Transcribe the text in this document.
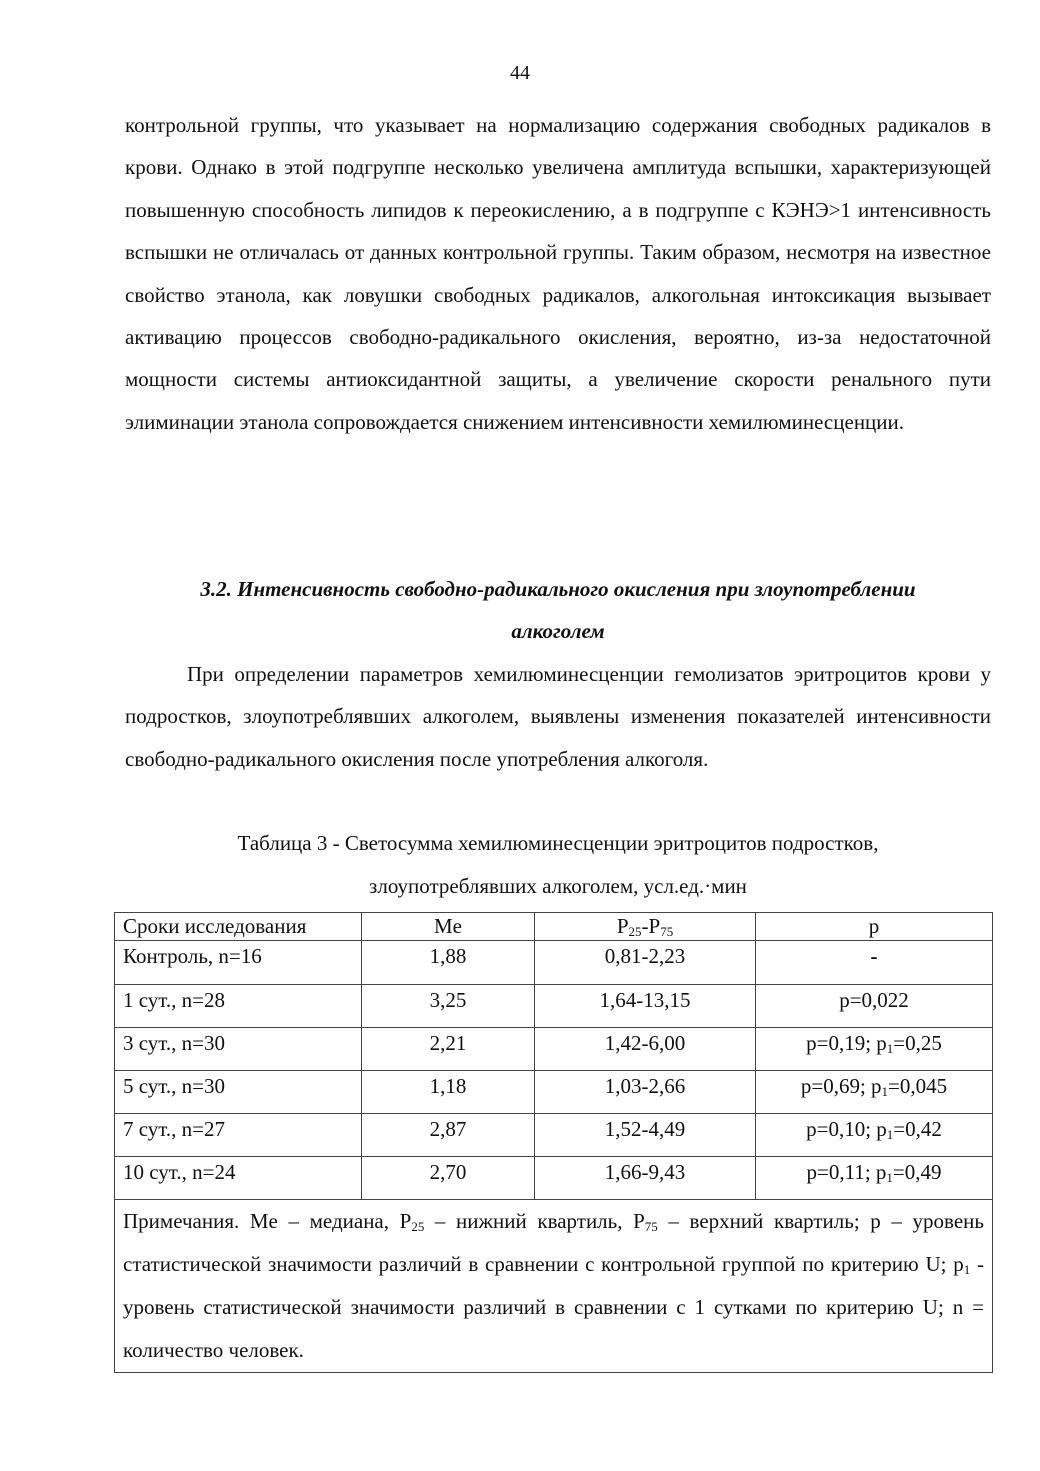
44

контрольной группы, что указывает на нормализацию содержания свободных радикалов в крови. Однако в этой подгруппе несколько увеличена амплитуда вспышки, характеризующей повышенную способность липидов к переокислению, а в подгруппе с КЭНЭ>1 интенсивность вспышки не отличалась от данных контрольной группы. Таким образом, несмотря на известное свойство этанола, как ловушки свободных радикалов, алкогольная интоксикация вызывает активацию процессов свободно-радикального окисления, вероятно, из-за недостаточной мощности системы антиоксидантной защиты, а увеличение скорости ренального пути элиминации этанола сопровождается снижением интенсивности хемилюминесценции.

3.2. Интенсивность свободно-радикального окисления при злоупотреблении
алкоголем

При определении параметров хемилюминесценции гемолизатов эритроцитов крови у подростков, злоупотреблявших алкоголем, выявлены изменения показателей интенсивности свободно-радикального окисления после употребления алкоголя.

Таблица 3 - Светосумма хемилюминесценции эритроцитов подростков,
злоупотреблявших алкоголем, усл.ед.·мин

Сроки исследования	Me	$P_{25}-P_{75}$	p
Контроль, n=16	1,88	0,81-2,23	-
1 сут., n=28	3,25	1,64-13,15	p=0,022
3 сут., n=30	2,21	1,42-6,00	p=0,19; $p_1=0,25$
5 сут., n=30	1,18	1,03-2,66	p=0,69; $p_1=0,045$
7 сут., n=27	2,87	1,52-4,49	p=0,10; $p_1=0,42$
10 сут., n=24	2,70	1,66-9,43	p=0,11; $p_1=0,49$
Примечания. Me – медиана, $P_{25}$ – нижний квартиль, $P_{75}$ – верхний квартиль; p – уровень статистической значимости различий в сравнении с контрольной группой по критерию U; $p_1$ - уровень статистической значимости различий в сравнении с 1 сутками по критерию U; n = количество человек.			
